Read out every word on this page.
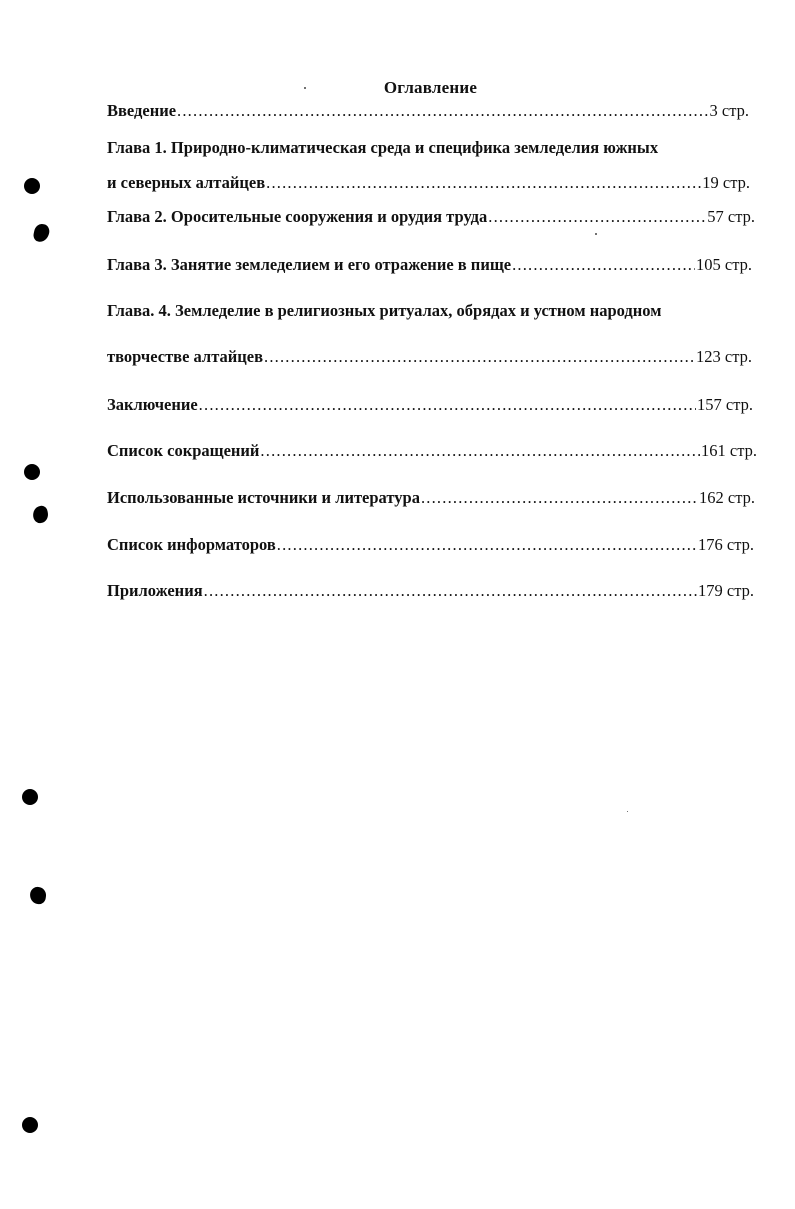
Оглавление
Введение .....	3 стр.
Глава 1. Природно-климатическая среда и специфика земледелия южных
и северных алтайцев .....	19 стр.
Глава 2. Оросительные сооружения и орудия труда .....	57 стр.
Глава 3. Занятие земледелием и его отражение в пище .....	105 стр.
Глава. 4. Земледелие в религиозных ритуалах, обрядах и устном народном
творчестве алтайцев .....	123 стр.
Заключение .....	157 стр.
Список сокращений .....	161 стр.
Использованные источники и литература .....	162 стр.
Список информаторов .....	176 стр.
Приложения .....	179 стр.
